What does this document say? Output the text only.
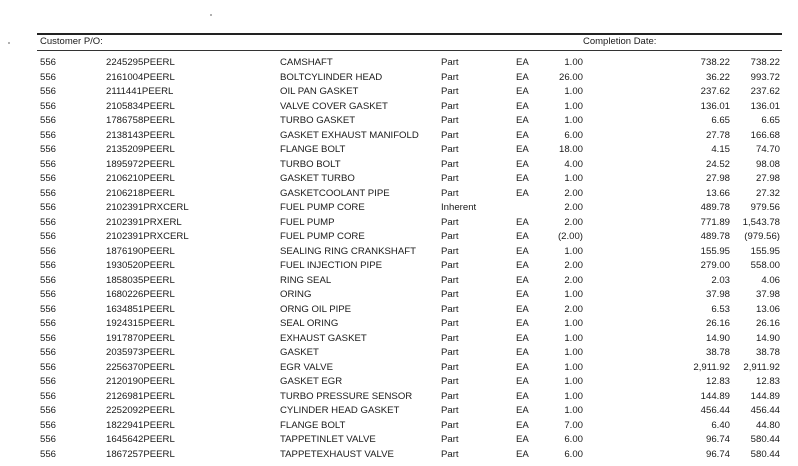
Customer P/O:	Completion Date:
556	2245295PEERL	CAMSHAFT	Part	EA	1.00	738.22 738.22
556	2161004PEERL	BOLTCYLINDER HEAD	Part	EA	26.00	36.22 993.72
556	2111441PEERL	OIL PAN GASKET	Part	EA	1.00	237.62 237.62
556	2105834PEERL	VALVE COVER GASKET	Part	EA	1.00	136.01 136.01
556	1786758PEERL	TURBO GASKET	Part	EA	1.00	6.65	6.65
556	2138143PEERL	GASKET EXHAUST MANIFOLD Part	EA	6.00	27.78 166.68
556	2135209PEERL	FLANGE BOLT	Part	EA	18.00	4.15	74.70
556	1895972PEERL	TURBO BOLT	Part	EA	4.00	24.52	98.08
556	2106210PEERL	GASKET TURBO	Part	EA	1.00	27.98	27.98
556	2106218PEERL	GASKETCOOLANT PIPE	Part	EA	2.00	13.66	27.32
556	2102391PRXCERL	FUEL PUMP CORE	Inherent	2.00	489.78 979.56
556	2102391PRXERL	FUEL PUMP	Part	EA	2.00	771.89 1,543.78
556	2102391PRXCERL	FUEL PUMP CORE	Part	EA	(2.00)	489.78 (979.56)
556	1876190PEERL	SEALING RING CRANKSHAFT	Part	EA	1.00	155.95 155.95
556	1930520PEERL	FUEL INJECTION PIPE	Part	EA	2.00	279.00 558.00
556	1858035PEERL	RING SEAL	Part	EA	2.00	2.03	4.06
556	1680226PEERL	ORING	Part	EA	1.00	37.98	37.98
556	1634851PEERL	ORNG OIL PIPE	Part	EA	2.00	6.53	13.06
556	1924315PEERL	SEAL ORING	Part	EA	1.00	26.16	26.16
556	1917870PEERL	EXHAUST GASKET	Part	EA	1.00	14.90	14.90
556	2035973PEERL	GASKET	Part	EA	1.00	38.78	38.78
556	2256370PEERL	EGR VALVE	Part	EA	1.00	2,911.92 2,911.92
556	2120190PEERL	GASKET EGR	Part	EA	1.00	12.83	12.83
556	2126981PEERL	TURBO PRESSURE SENSOR	Part	EA	1.00	144.89 144.89
556	2252092PEERL	CYLINDER HEAD GASKET	Part	EA	1.00	456.44 456.44
556	1822941PEERL	FLANGE BOLT	Part	EA	7.00	6.40	44.80
556	1645642PEERL	TAPPETINLET VALVE	Part	EA	6.00	96.74 580.44
556	1867257PEERL	TAPPETEXHAUST VALVE	Part	EA	6.00	96.74 580.44
